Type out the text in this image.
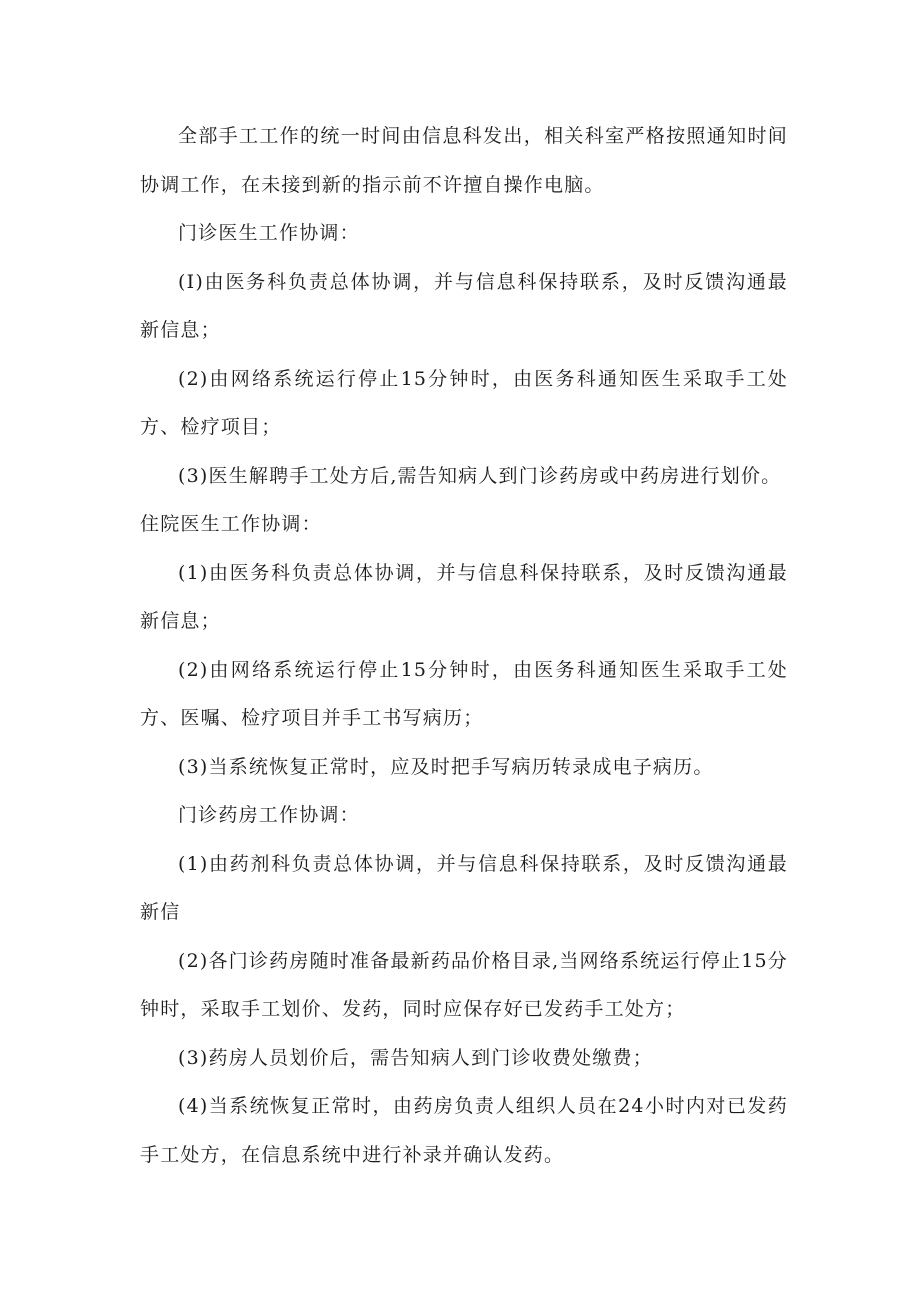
全部手工工作的统一时间由信息科发出，相关科室严格按照通知时间协调工作，在未接到新的指示前不许擅自操作电脑。

门诊医生工作协调：

(I)由医务科负责总体协调，并与信息科保持联系，及时反馈沟通最新信息；

(2)由网络系统运行停止15分钟时，由医务科通知医生采取手工处方、检疗项目；

(3)医生解聘手工处方后,需告知病人到门诊药房或中药房进行划价。

住院医生工作协调：

(1)由医务科负责总体协调，并与信息科保持联系，及时反馈沟通最新信息；

(2)由网络系统运行停止15分钟时，由医务科通知医生采取手工处方、医嘱、检疗项目并手工书写病历；

(3)当系统恢复正常时，应及时把手写病历转录成电子病历。

门诊药房工作协调：

(1)由药剂科负责总体协调，并与信息科保持联系，及时反馈沟通最新信

(2)各门诊药房随时准备最新药品价格目录,当网络系统运行停止15分钟时，采取手工划价、发药，同时应保存好已发药手工处方；

(3)药房人员划价后，需告知病人到门诊收费处缴费；

(4)当系统恢复正常时，由药房负责人组织人员在24小时内对已发药手工处方，在信息系统中进行补录并确认发药。
